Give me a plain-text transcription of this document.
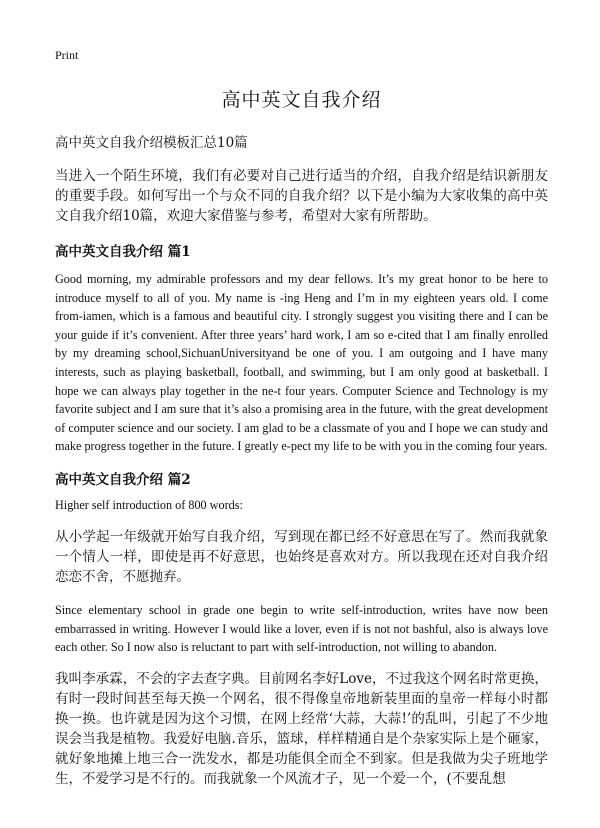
Print
高中英文自我介绍

高中英文自我介绍模板汇总10篇

当进入一个陌生环境，我们有必要对自己进行适当的介绍，自我介绍是结识新朋友的重要手段。如何写出一个与众不同的自我介绍？以下是小编为大家收集的高中英文自我介绍10篇，欢迎大家借鉴与参考，希望对大家有所帮助。

高中英文自我介绍 篇1

Good morning, my admirable professors and my dear fellows. It’s my great honor to be here to introduce myself to all of you. My name is -ing Heng and I’m in my eighteen years old. I come from-iamen, which is a famous and beautiful city. I strongly suggest you visiting there and I can be your guide if it’s convenient. After three years’ hard work, I am so e-cited that I am finally enrolled by my dreaming school,SichuanUniversityand be one of you. I am outgoing and I have many interests, such as playing basketball, football, and swimming, but I am only good at basketball. I hope we can always play together in the ne-t four years. Computer Science and Technology is my favorite subject and I am sure that it’s also a promising area in the future, with the great development of computer science and our society. I am glad to be a classmate of you and I hope we can study and make progress together in the future. I greatly e-pect my life to be with you in the coming four years.

高中英文自我介绍 篇2

Higher self introduction of 800 words:

从小学起一年级就开始写自我介绍，写到现在都已经不好意思在写了。然而我就象一个情人一样，即使是再不好意思，也始终是喜欢对方。所以我现在还对自我介绍恋恋不舍，不愿抛弃。

Since elementary school in grade one begin to write self-introduction, writes have now been embarrassed in writing. However I would like a lover, even if is not not bashful, also is always love each other. So I now also is reluctant to part with self-introduction, not willing to abandon.

我叫李承霖，不会的字去查字典。目前网名李好Love，不过我这个网名时常更换，有时一段时间甚至每天换一个网名，很不得像皇帝地新装里面的皇帝一样每小时都换一换。也许就是因为这个习惯，在网上经常‘大蒜，大蒜!’的乱叫，引起了不少地误会当我是植物。我爱好电脑.音乐，篮球，样样精通自是个杂家实际上是个砸家，就好象地摊上地三合一洗发水，都是功能俱全而全不到家。但是我做为尖子班地学生，不爱学习是不行的。而我就象一个风流才子，见一个爱一个，(不要乱想
